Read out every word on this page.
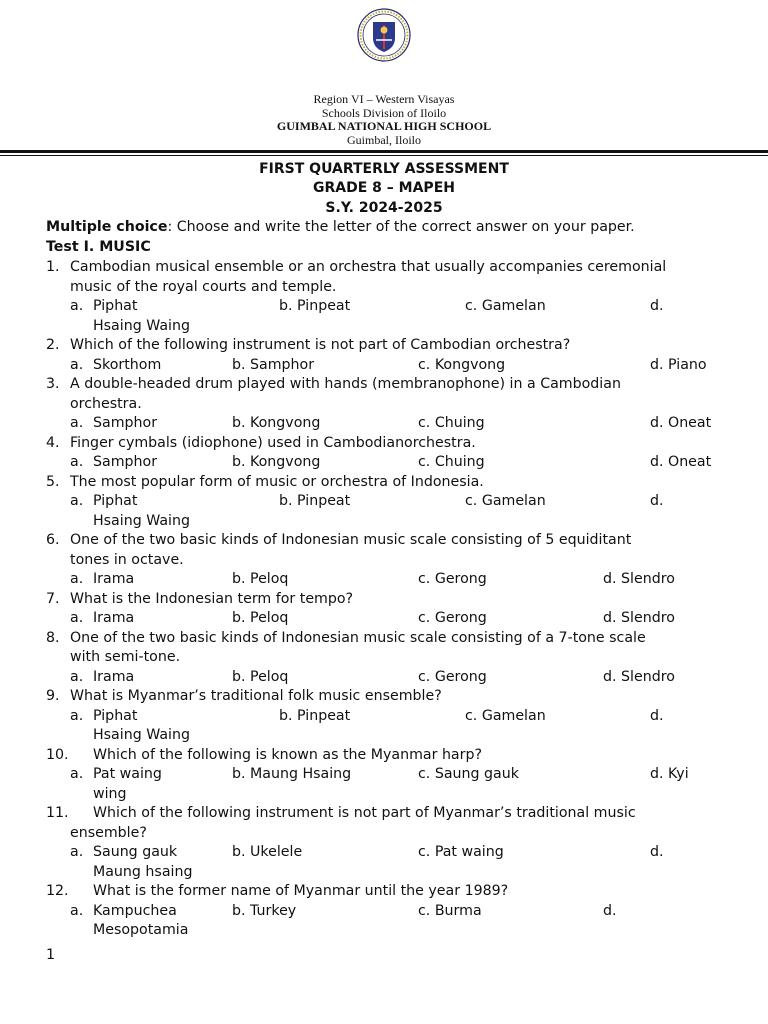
Region VI – Western Visayas
Schools Division of Iloilo
GUIMBAL NATIONAL HIGH SCHOOL
Guimbal, Iloilo
FIRST QUARTERLY ASSESSMENT
GRADE 8 – MAPEH
S.Y. 2024-2025
Multiple choice: Choose and write the letter of the correct answer on your paper.
Test I. MUSIC
1. Cambodian musical ensemble or an orchestra that usually accompanies ceremonial
music of the royal courts and temple.
a. Piphat	b. Pinpeat	c. Gamelan	d.
Hsaing Waing
2. Which of the following instrument is not part of Cambodian orchestra?
a. Skorthom	b. Samphor	c. Kongvong	d. Piano
3. A double-headed drum played with hands (membranophone) in a Cambodian
orchestra.
a. Samphor	b. Kongvong	c. Chuing	d. Oneat
4. Finger cymbals (idiophone) used in Cambodianorchestra.
a. Samphor	b. Kongvong	c. Chuing	d. Oneat
5. The most popular form of music or orchestra of Indonesia.
a. Piphat	b. Pinpeat	c. Gamelan	d.
Hsaing Waing
6. One of the two basic kinds of Indonesian music scale consisting of 5 equiditant
tones in octave.
a. Irama	b. Peloq	c. Gerong	d. Slendro
7. What is the Indonesian term for tempo?
a. Irama	b. Peloq	c. Gerong	d. Slendro
8. One of the two basic kinds of Indonesian music scale consisting of a 7-tone scale
with semi-tone.
a. Irama	b. Peloq	c. Gerong	d. Slendro
9. What is Myanmar’s traditional folk music ensemble?
a. Piphat	b. Pinpeat	c. Gamelan	d.
Hsaing Waing
10. Which of the following is known as the Myanmar harp?
a. Pat waing	b. Maung Hsaing	c. Saung gauk	d. Kyi
wing
11. Which of the following instrument is not part of Myanmar’s traditional music
ensemble?
a. Saung gauk	b. Ukelele	c. Pat waing	d.
Maung hsaing
12. What is the former name of Myanmar until the year 1989?
a. Kampuchea	b. Turkey	c. Burma	d.
Mesopotamia
1
